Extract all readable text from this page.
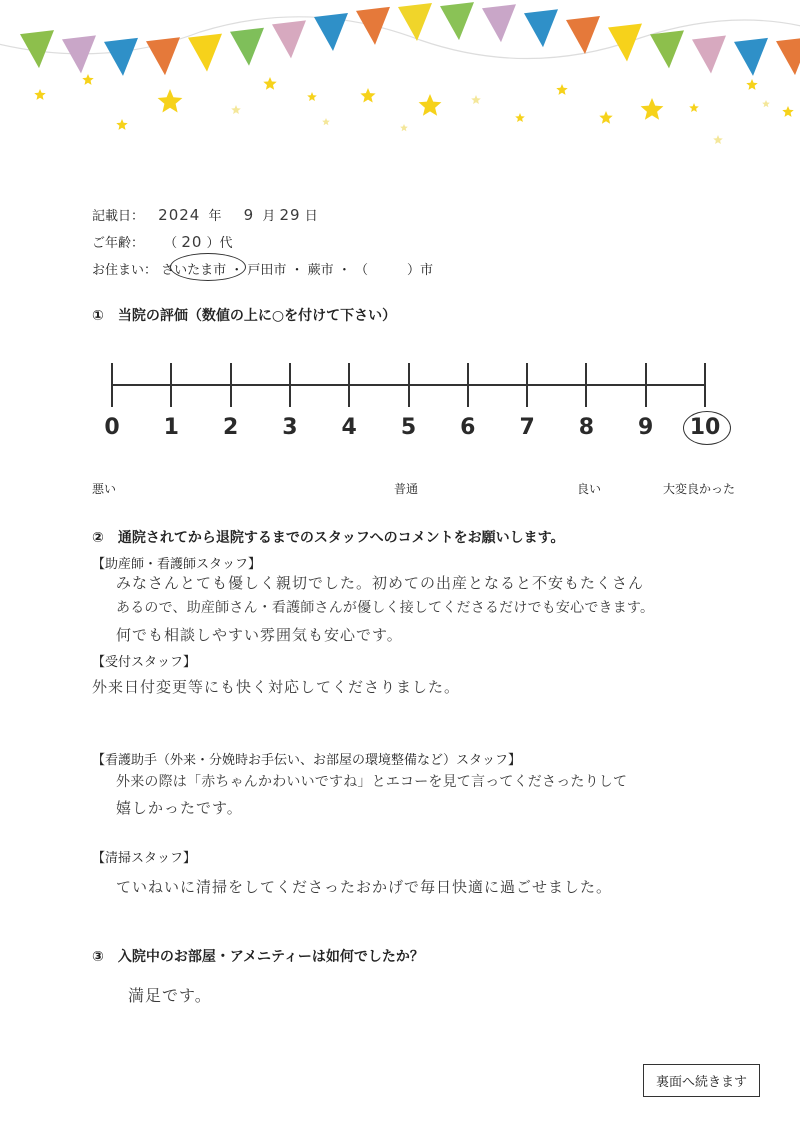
記載日： 2024 年 9 月 29 日
ご年齢： （ 20 ）代
お住まい： さいたま市 ・ 戸田市 ・ 蕨市 ・ （　　　）市
①　当院の評価（数値の上に○を付けて下さい）
0	1	2	3	4	5	6	7	8	9	10
悪い	普通	良い	大変良かった
②　通院されてから退院するまでのスタッフへのコメントをお願いします。
【助産師・看護師スタッフ】
みなさんとても優しく親切でした。初めての出産となると不安もたくさん
あるので、助産師さん・看護師さんが優しく接してくださるだけでも安心できます。
何でも相談しやすい雰囲気も安心です。
【受付スタッフ】
外来日付変更等にも快く対応してくださりました。
【看護助手（外来・分娩時お手伝い、お部屋の環境整備など）スタッフ】
外来の際は「赤ちゃんかわいいですね」とエコーを見て言ってくださったりして
嬉しかったです。
【清掃スタッフ】
ていねいに清掃をしてくださったおかげで毎日快適に過ごせました。
③　入院中のお部屋・アメニティーは如何でしたか？
満足です。
裏面へ続きます
